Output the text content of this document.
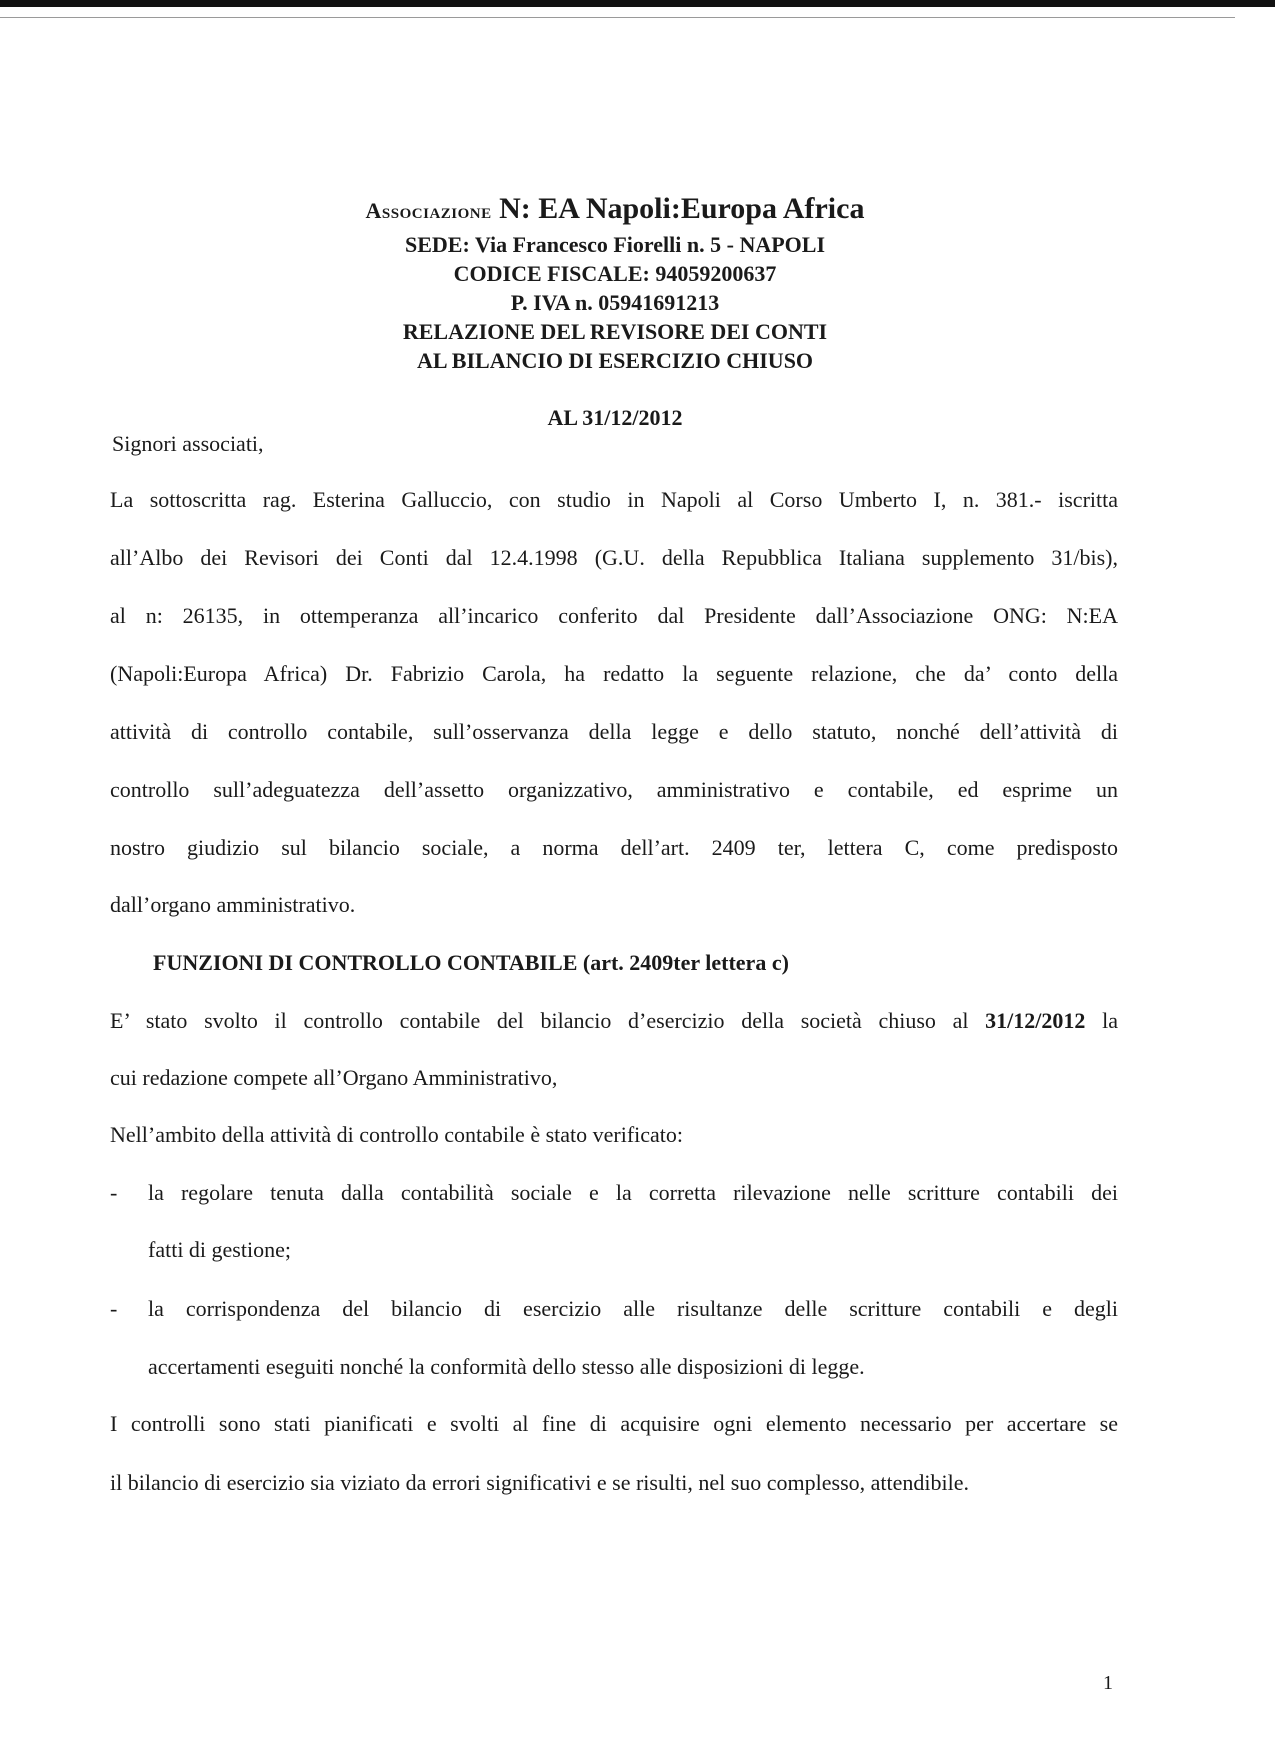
Associazione N: EA Napoli:Europa Africa
SEDE: Via Francesco Fiorelli n. 5 - NAPOLI
CODICE FISCALE: 94059200637
P. IVA n. 05941691213
RELAZIONE DEL REVISORE DEI CONTI
AL BILANCIO DI ESERCIZIO CHIUSO
AL 31/12/2012
Signori associati,
La sottoscritta rag. Esterina Galluccio, con studio in Napoli al Corso Umberto I, n. 381.- iscritta
all’Albo dei Revisori dei Conti dal 12.4.1998 (G.U. della Repubblica Italiana supplemento 31/bis),
al n: 26135, in ottemperanza all’incarico conferito dal Presidente dall’Associazione ONG: N:EA
(Napoli:Europa Africa) Dr. Fabrizio Carola, ha redatto la seguente relazione, che da’ conto della
attività di controllo contabile, sull’osservanza della legge e dello statuto, nonché dell’attività di
controllo sull’adeguatezza dell’assetto organizzativo, amministrativo e contabile, ed esprime un
nostro giudizio sul bilancio sociale, a norma dell’art. 2409 ter, lettera C, come predisposto
dall’organo amministrativo.
FUNZIONI DI CONTROLLO CONTABILE (art. 2409ter lettera c)
E’ stato svolto il controllo contabile del bilancio d’esercizio della società chiuso al 31/12/2012 la
cui redazione compete all’Organo Amministrativo,
Nell’ambito della attività di controllo contabile è stato verificato:
- la regolare tenuta dalla contabilità sociale e la corretta rilevazione nelle scritture contabili dei
fatti di gestione;
- la corrispondenza del bilancio di esercizio alle risultanze delle scritture contabili e degli
accertamenti eseguiti nonché la conformità dello stesso alle disposizioni di legge.
I controlli sono stati pianificati e svolti al fine di acquisire ogni elemento necessario per accertare se
il bilancio di esercizio sia viziato da errori significativi e se risulti, nel suo complesso, attendibile.
1
